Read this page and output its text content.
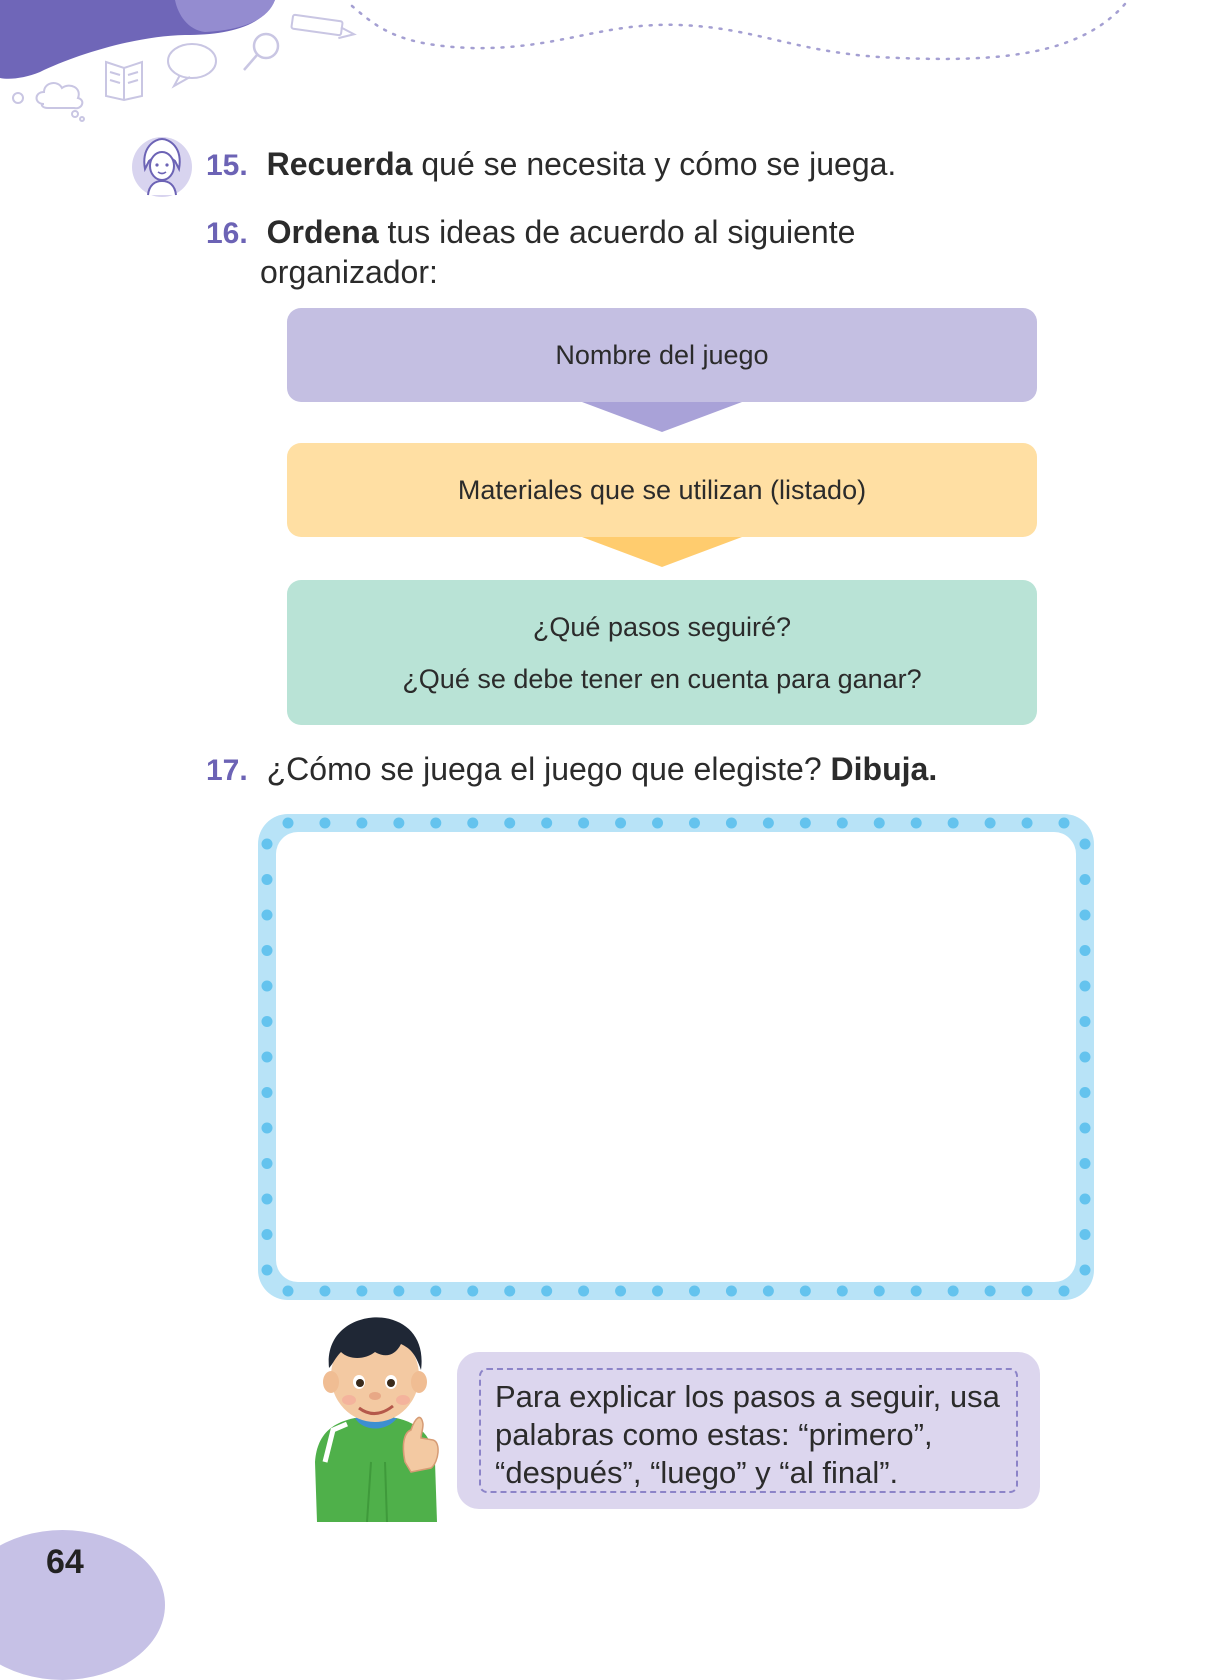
15. Recuerda qué se necesita y cómo se juega.
16. Ordena tus ideas de acuerdo al siguiente
organizador:

Nombre del juego

Materiales que se utilizan (listado)

¿Qué pasos seguiré?

¿Qué se debe tener en cuenta para ganar?

17. ¿Cómo se juega el juego que elegiste? Dibuja.
Para explicar los pasos a seguir, usa
palabras como estas: “primero”,
“después”, “luego” y “al final”.
64
